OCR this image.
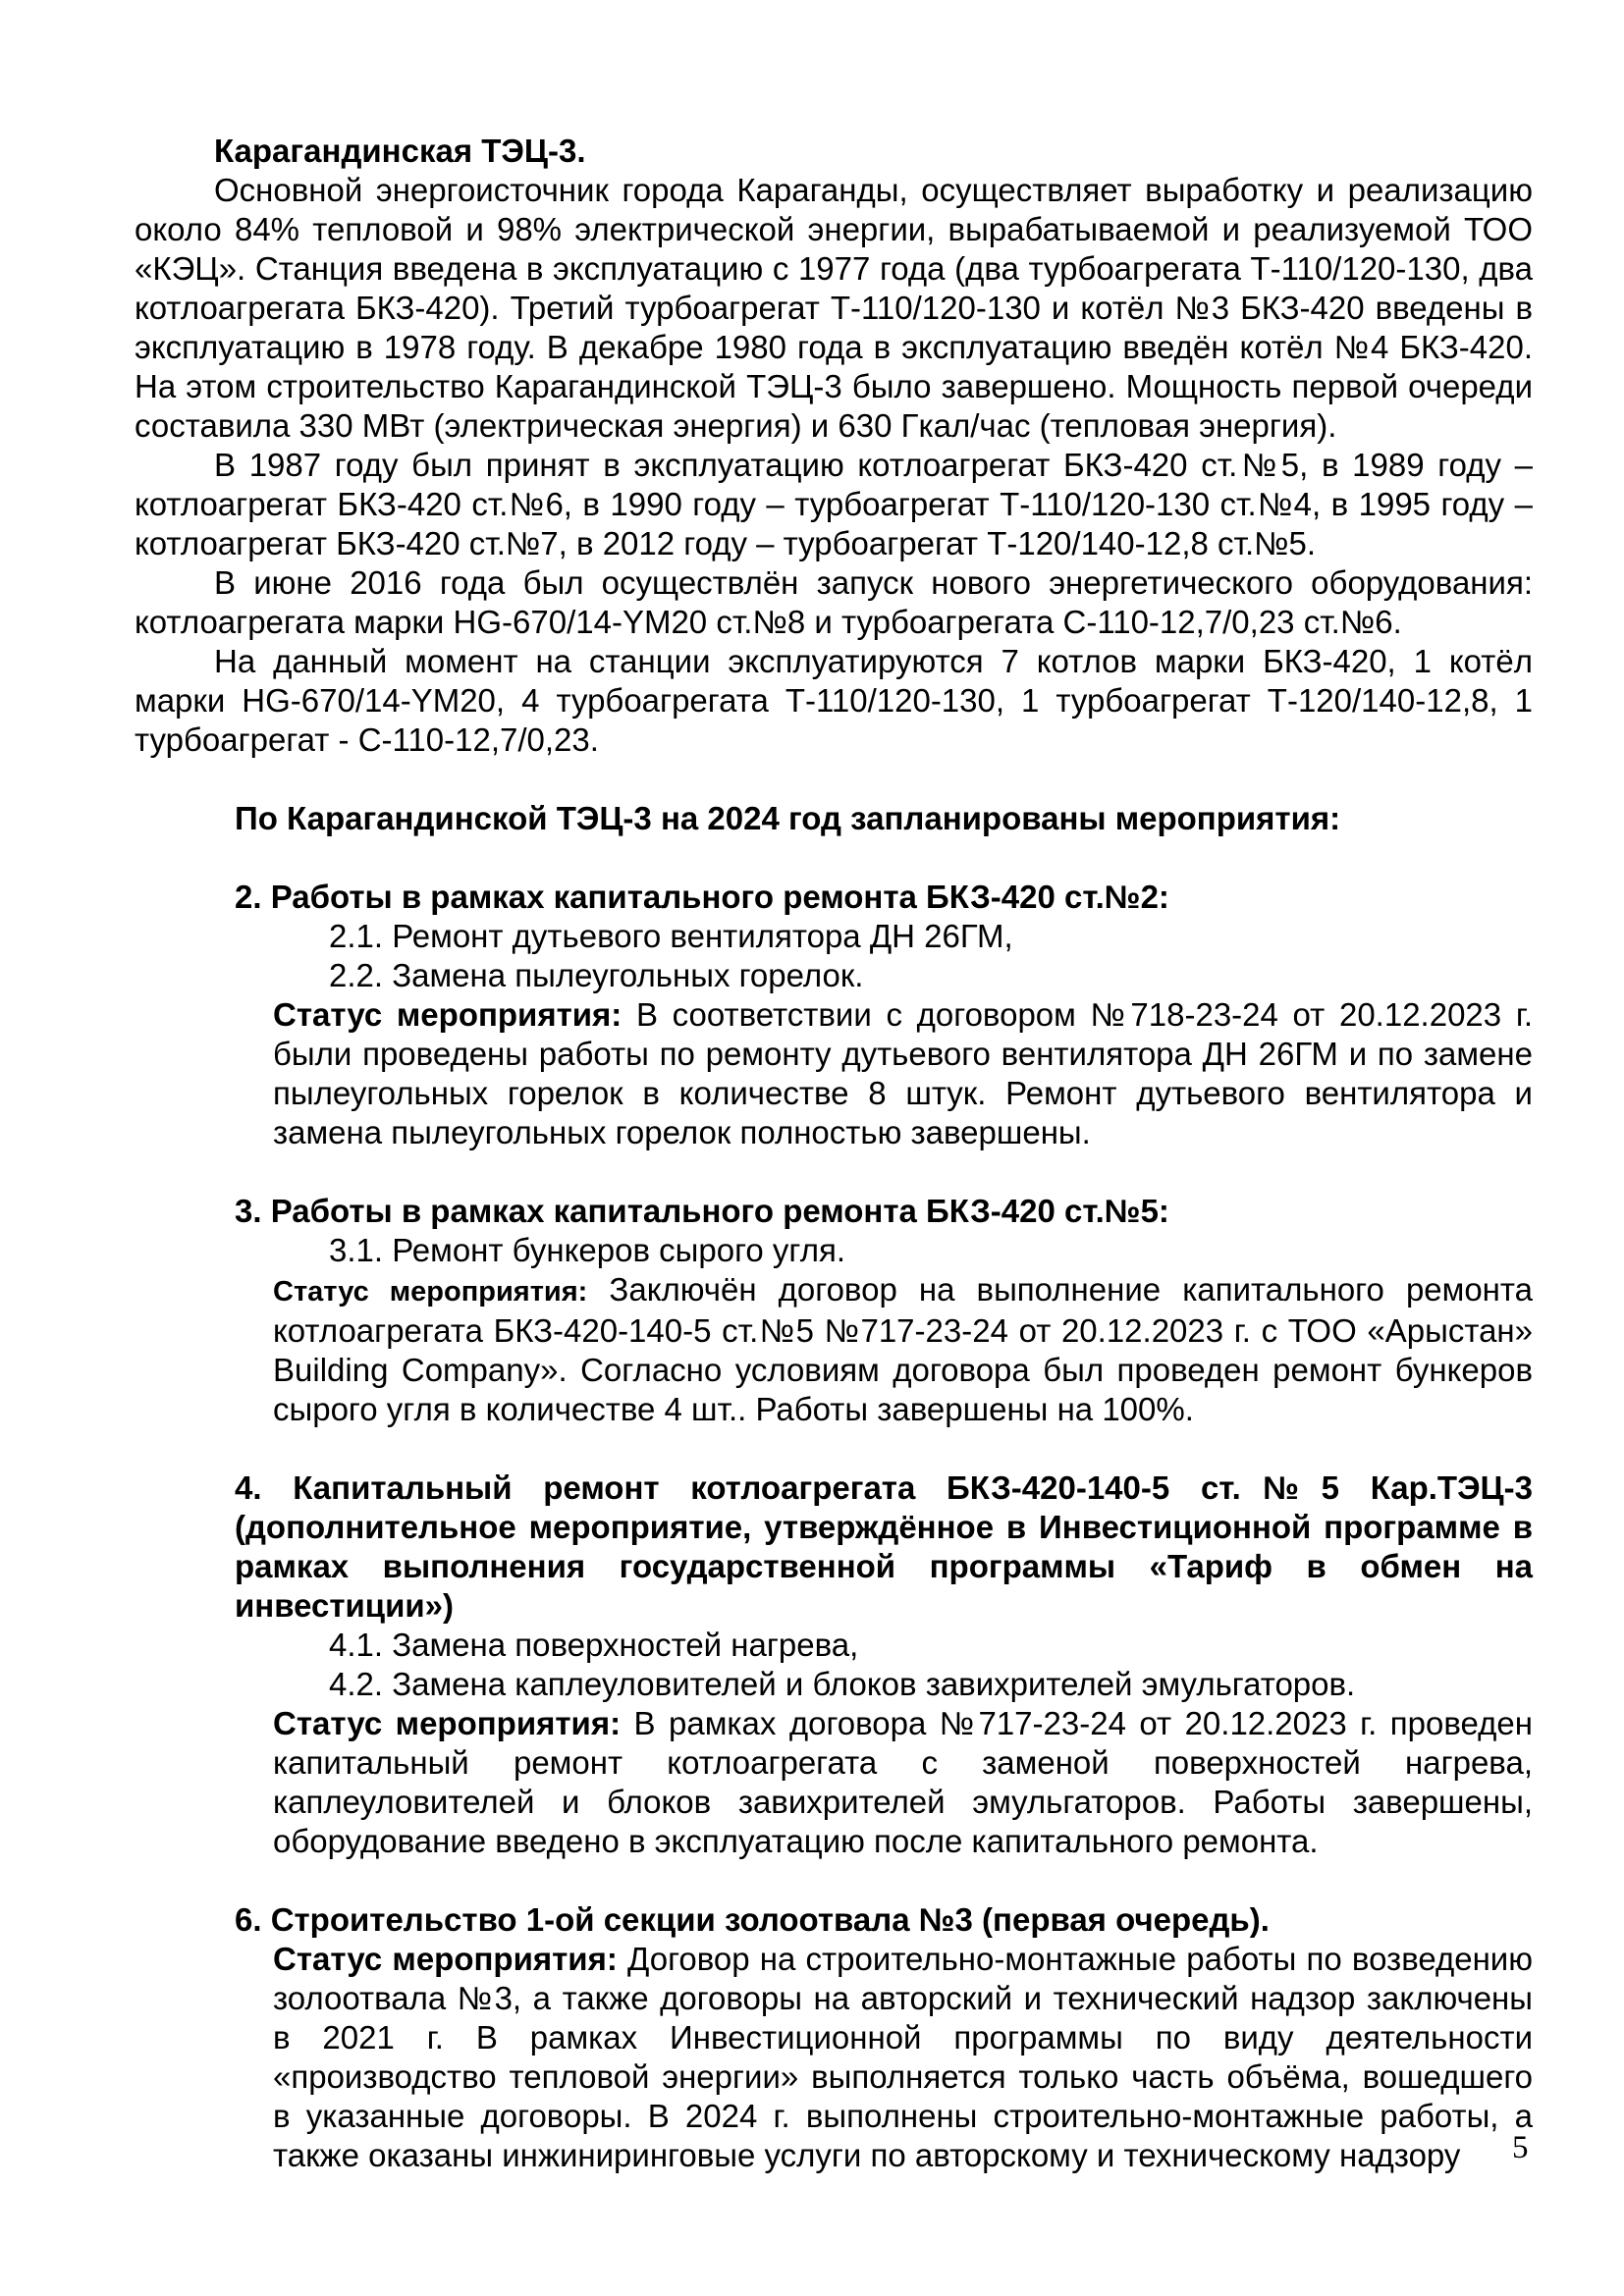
Карагандинская ТЭЦ-3.

Основной энергоисточник города Караганды, осуществляет выработку и реализацию около 84% тепловой и 98% электрической энергии, вырабатываемой и реализуемой ТОО «КЭЦ». Станция введена в эксплуатацию с 1977 года (два турбоагрегата Т-110/120-130, два котлоагрегата БКЗ-420). Третий турбоагрегат Т-110/120-130 и котёл №3 БКЗ-420 введены в эксплуатацию в 1978 году. В декабре 1980 года в эксплуатацию введён котёл №4 БКЗ-420. На этом строительство Карагандинской ТЭЦ-3 было завершено. Мощность первой очереди составила 330 МВт (электрическая энергия) и 630 Гкал/час (тепловая энергия).

В 1987 году был принят в эксплуатацию котлоагрегат БКЗ-420 ст.№5, в 1989 году – котлоагрегат БКЗ-420 ст.№6, в 1990 году – турбоагрегат Т-110/120-130 ст.№4, в 1995 году – котлоагрегат БКЗ-420 ст.№7, в 2012 году – турбоагрегат Т-120/140-12,8 ст.№5.

В июне 2016 года был осуществлён запуск нового энергетического оборудования: котлоагрегата марки HG-670/14-YM20 ст.№8 и турбоагрегата С-110-12,7/0,23 ст.№6.

На данный момент на станции эксплуатируются 7 котлов марки БКЗ-420, 1 котёл марки HG-670/14-YM20, 4 турбоагрегата Т-110/120-130, 1 турбоагрегат Т-120/140-12,8, 1 турбоагрегат - С-110-12,7/0,23.

По Карагандинской ТЭЦ-3 на 2024 год запланированы мероприятия:

2. Работы в рамках капитального ремонта БКЗ-420 ст.№2:

2.1. Ремонт дутьевого вентилятора ДН 26ГМ,

2.2. Замена пылеугольных горелок.

Статус мероприятия: В соответствии с договором №718-23-24 от 20.12.2023 г. были проведены работы по ремонту дутьевого вентилятора ДН 26ГМ и по замене пылеугольных горелок в количестве 8 штук. Ремонт дутьевого вентилятора и замена пылеугольных горелок полностью завершены.

3. Работы в рамках капитального ремонта БКЗ-420 ст.№5:

3.1. Ремонт бункеров сырого угля.

Статус мероприятия: Заключён договор на выполнение капитального ремонта котлоагрегата БКЗ-420-140-5 ст.№5 №717-23-24 от 20.12.2023 г. с ТОО «Арыстан» Building Company». Согласно условиям договора был проведен ремонт бункеров сырого угля в количестве 4 шт.. Работы завершены на 100%.

4. Капитальный ремонт котлоагрегата БКЗ-420-140-5 ст.№5 Кар.ТЭЦ-3 (дополнительное мероприятие, утверждённое в Инвестиционной программе в рамках выполнения государственной программы «Тариф в обмен на инвестиции»)

4.1. Замена поверхностей нагрева,

4.2. Замена каплеуловителей и блоков завихрителей эмульгаторов.

Статус мероприятия: В рамках договора №717-23-24 от 20.12.2023 г. проведен капитальный ремонт котлоагрегата с заменой поверхностей нагрева, каплеуловителей и блоков завихрителей эмульгаторов. Работы завершены, оборудование введено в эксплуатацию после капитального ремонта.

6. Строительство 1-ой секции золоотвала №3 (первая очередь).

Статус мероприятия: Договор на строительно-монтажные работы по возведению золоотвала №3, а также договоры на авторский и технический надзор заключены в 2021 г. В рамках Инвестиционной программы по виду деятельности «производство тепловой энергии» выполняется только часть объёма, вошедшего в указанные договоры. В 2024 г. выполнены строительно-монтажные работы, а также оказаны инжиниринговые услуги по авторскому и техническому надзору	5
